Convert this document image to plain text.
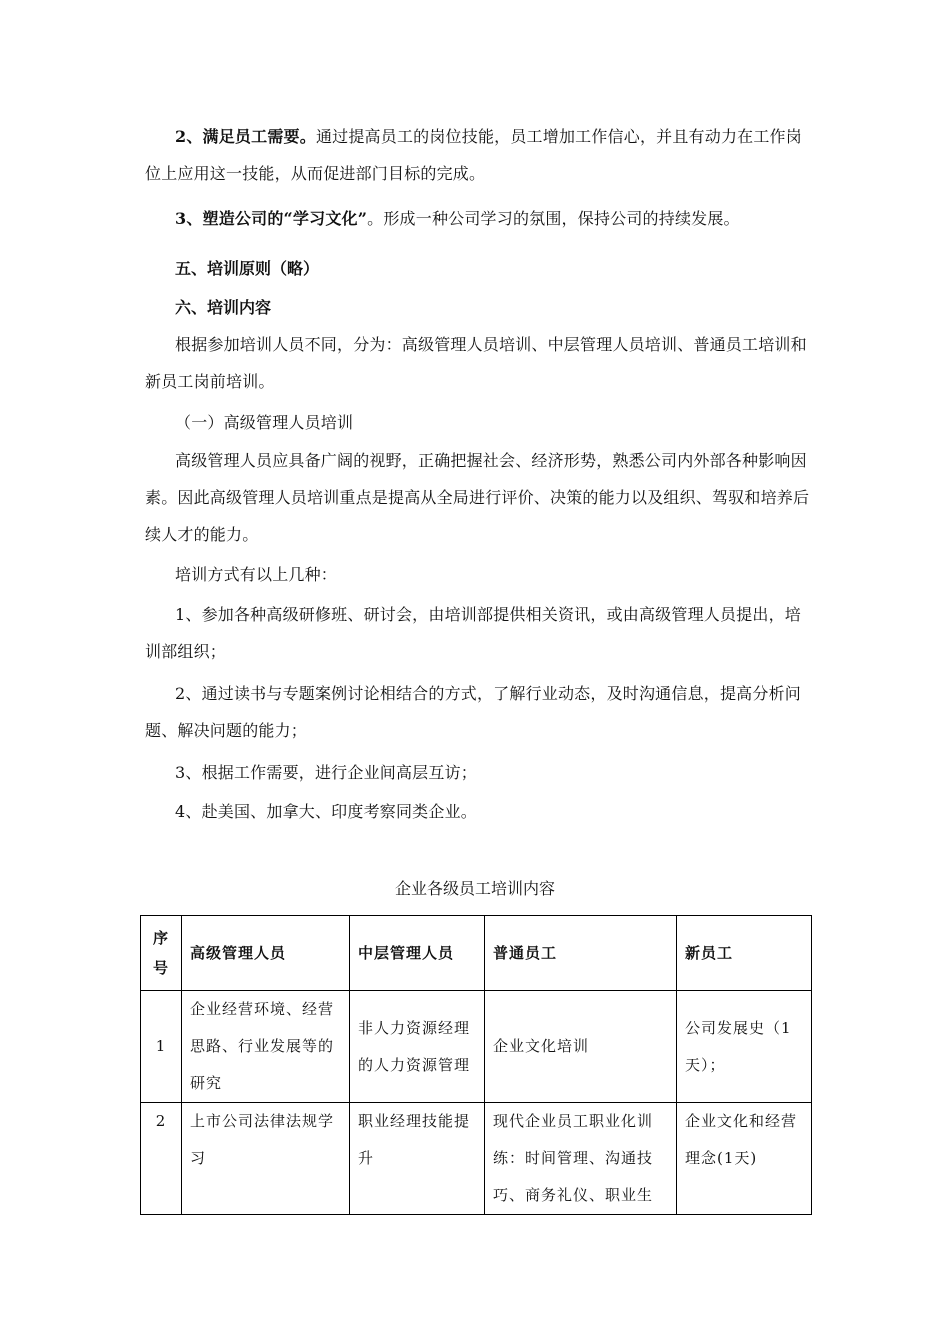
2、满足员工需要。通过提高员工的岗位技能，员工增加工作信心，并且有动力在工作岗位上应用这一技能，从而促进部门目标的完成。

3、塑造公司的“学习文化”。形成一种公司学习的氛围，保持公司的持续发展。

五、培训原则（略）

六、培训内容

根据参加培训人员不同，分为：高级管理人员培训、中层管理人员培训、普通员工培训和新员工岗前培训。

（一）高级管理人员培训

高级管理人员应具备广阔的视野，正确把握社会、经济形势，熟悉公司内外部各种影响因素。因此高级管理人员培训重点是提高从全局进行评价、决策的能力以及组织、驾驭和培养后续人才的能力。

培训方式有以上几种：

1、参加各种高级研修班、研讨会，由培训部提供相关资讯，或由高级管理人员提出，培训部组织；

2、通过读书与专题案例讨论相结合的方式，了解行业动态，及时沟通信息，提高分析问题、解决问题的能力；

3、根据工作需要，进行企业间高层互访；

4、赴美国、加拿大、印度考察同类企业。

企业各级员工培训内容

序
号	高级管理人员	中层管理人员	普通员工	新员工
1	企业经营环境、经营思路、行业发展等的研究	非人力资源经理的人力资源管理	企业文化培训	公司发展史（1天）；
2	上市公司法律法规学习	职业经理技能提升	现代企业员工职业化训练：时间管理、沟通技巧、商务礼仪、职业生	企业文化和经营理念(1天)
